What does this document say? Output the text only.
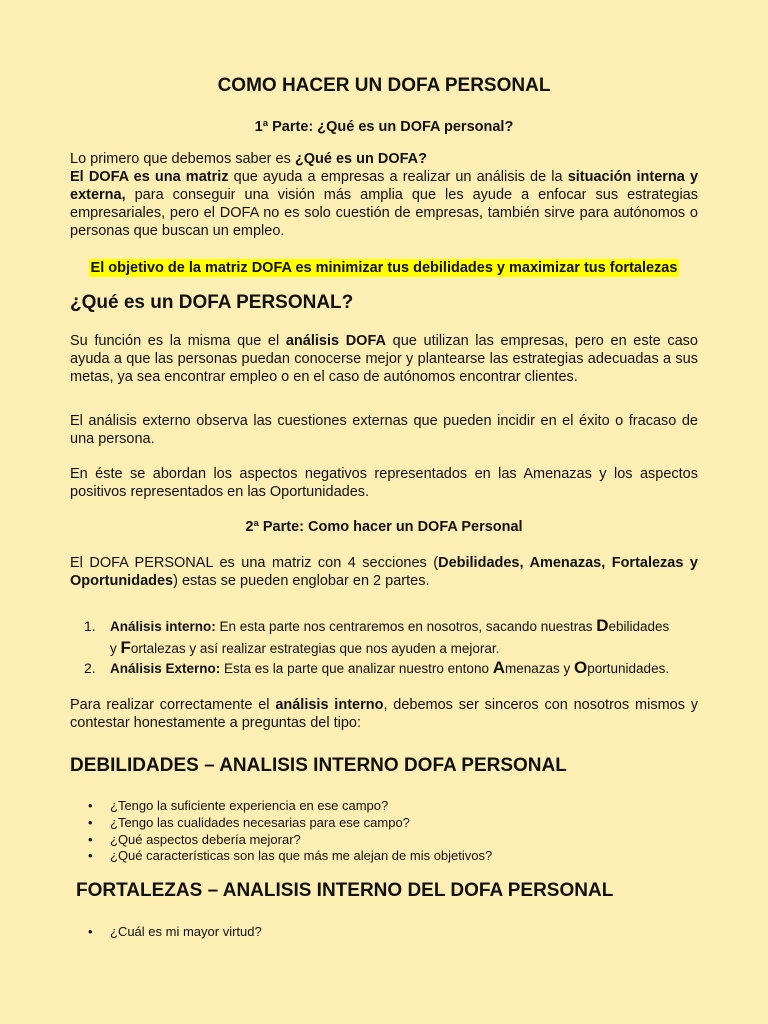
COMO HACER UN DOFA PERSONAL

1ª Parte: ¿Qué es un DOFA personal?

Lo primero que debemos saber es ¿Qué es un DOFA?

El DOFA es una matriz que ayuda a empresas a realizar un análisis de la situación interna y externa, para conseguir una visión más amplia que les ayude a enfocar sus estrategias empresariales, pero el DOFA no es solo cuestión de empresas, también sirve para autónomos o personas que buscan un empleo.

El objetivo de la matriz DOFA es minimizar tus debilidades y maximizar tus fortalezas

¿Qué es un DOFA PERSONAL?

Su función es la misma que el análisis DOFA que utilizan las empresas, pero en este caso ayuda a que las personas puedan conocerse mejor y plantearse las estrategias adecuadas a sus metas, ya sea encontrar empleo o en el caso de autónomos encontrar clientes.

El análisis externo observa las cuestiones externas que pueden incidir en el éxito o fracaso de una persona.

En éste se abordan los aspectos negativos representados en las Amenazas y los aspectos positivos representados en las Oportunidades.

2ª Parte: Como hacer un DOFA Personal

El DOFA PERSONAL es una matriz con 4 secciones (Debilidades, Amenazas, Fortalezas y Oportunidades) estas se pueden englobar en 2 partes.

1. Análisis interno: En esta parte nos centraremos en nosotros, sacando nuestras Debilidades
y Fortalezas y así realizar estrategias que nos ayuden a mejorar.
2. Análisis Externo: Esta es la parte que analizar nuestro entono Amenazas y Oportunidades.

Para realizar correctamente el análisis interno, debemos ser sinceros con nosotros mismos y contestar honestamente a preguntas del tipo:

DEBILIDADES – ANALISIS INTERNO DOFA PERSONAL

• ¿Tengo la suficiente experiencia en ese campo?
• ¿Tengo las cualidades necesarias para ese campo?
• ¿Qué aspectos debería mejorar?
• ¿Qué características son las que más me alejan de mis objetivos?

FORTALEZAS – ANALISIS INTERNO DEL DOFA PERSONAL

• ¿Cuál es mi mayor virtud?
